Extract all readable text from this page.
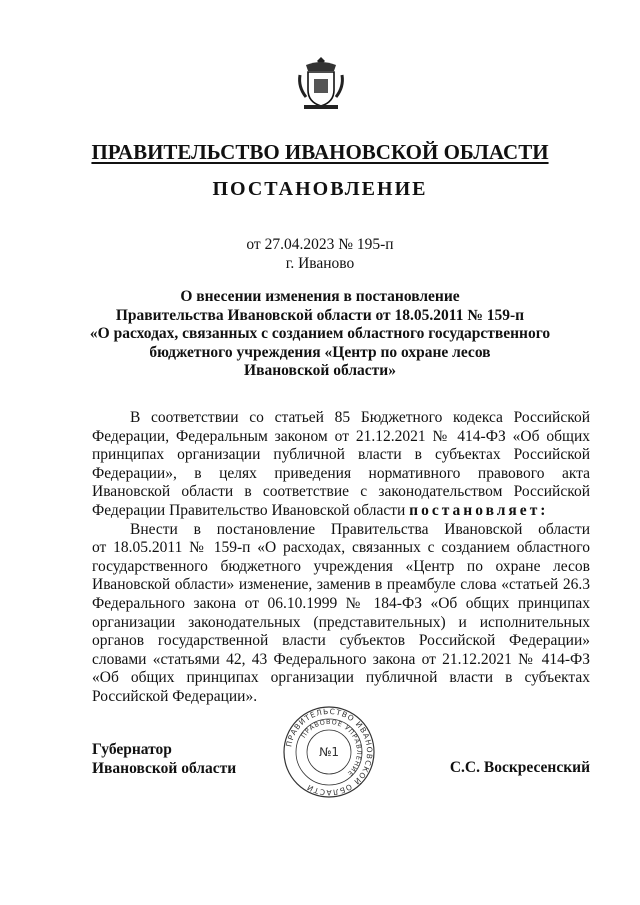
ПРАВИТЕЛЬСТВО ИВАНОВСКОЙ ОБЛАСТИ
ПОСТАНОВЛЕНИЕ
от 27.04.2023 № 195-п
г. Иваново
О внесении изменения в постановление
Правительства Ивановской области от 18.05.2011 № 159-п
«О расходах, связанных с созданием областного государственного
бюджетного учреждения «Центр по охране лесов
Ивановской области»
В соответствии со статьей 85 Бюджетного кодекса Российской
Федерации, Федеральным законом от 21.12.2021 № 414-ФЗ «Об общих
принципах организации публичной власти в субъектах Российской
Федерации», в целях приведения нормативного правового акта
Ивановской области в соответствие с законодательством Российской
Федерации Правительство Ивановской области постановляет:
Внести в постановление Правительства Ивановской области
от 18.05.2011 № 159-п «О расходах, связанных с созданием областного
государственного бюджетного учреждения «Центр по охране лесов
Ивановской области» изменение, заменив в преамбуле слова «статьей 26.3
Федерального закона от 06.10.1999 № 184-ФЗ «Об общих принципах
организации законодательных (представительных) и исполнительных
органов государственной власти субъектов Российской Федерации»
словами «статьями 42, 43 Федерального закона от 21.12.2021 № 414-ФЗ
«Об общих принципах организации публичной власти в субъектах
Российской Федерации».
Губернатор
Ивановской области	С.С. Воскресенский
ПРАВИТЕЛЬСТВО ИВАНОВСКОЙ ОБЛАСТИ
ПРАВОВОЕ УПРАВЛЕНИЕ
№1
